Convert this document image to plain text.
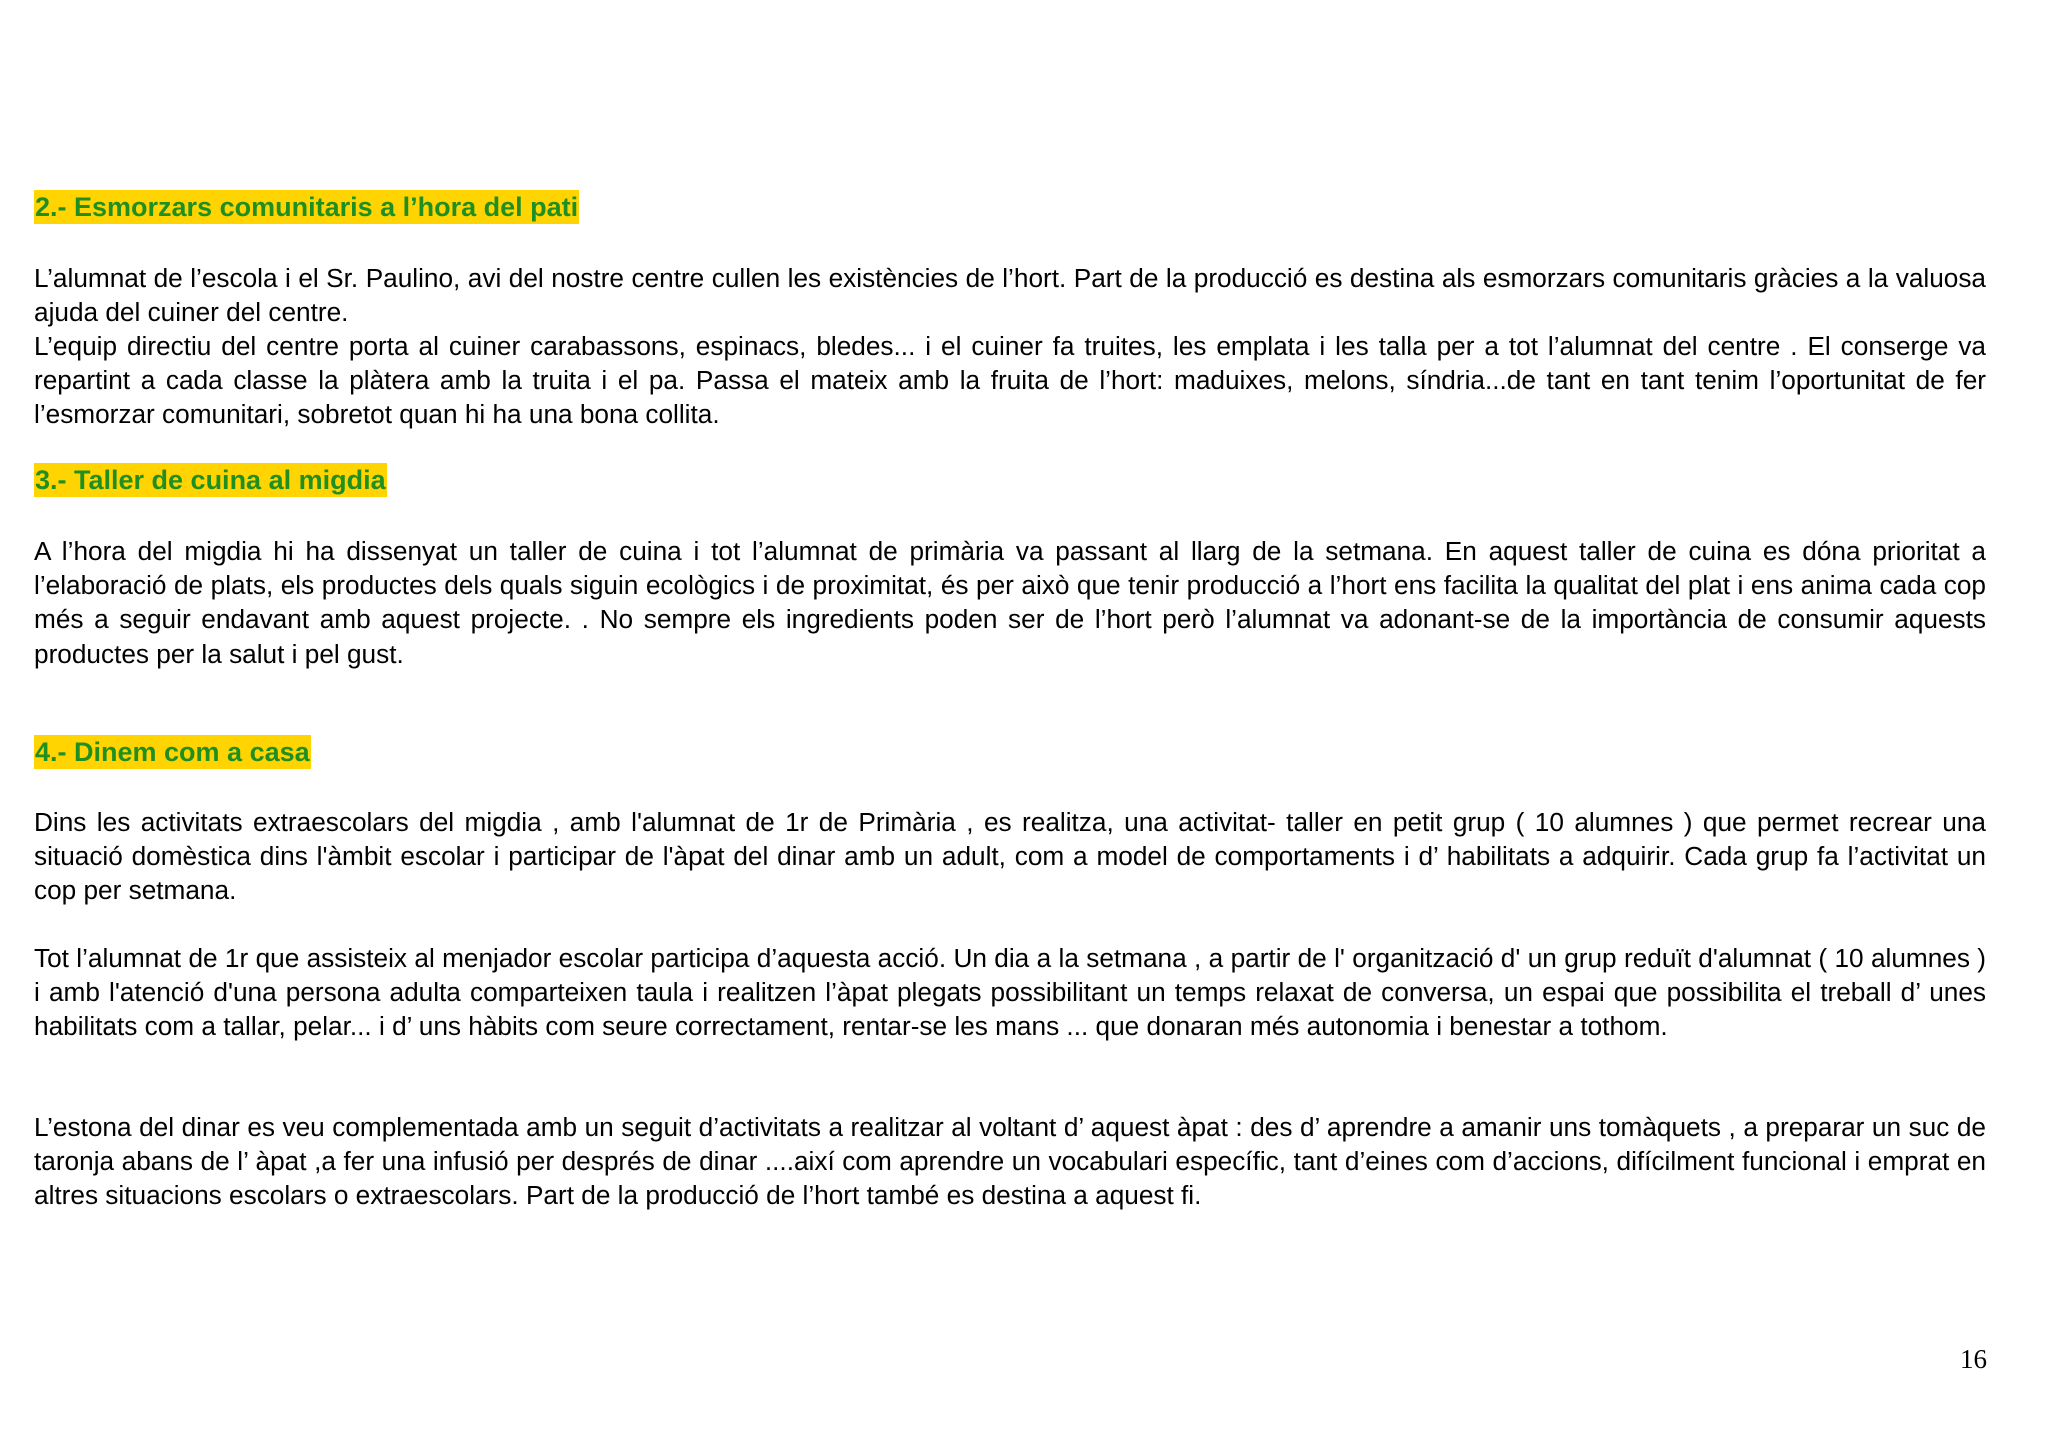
2.- Esmorzars comunitaris a l’hora del pati

L’alumnat de l’escola i el Sr. Paulino, avi del nostre centre cullen les existències de l’hort. Part de la producció es destina als esmorzars comunitaris gràcies a la valuosa ajuda del cuiner del centre.

L’equip directiu del centre porta al cuiner carabassons, espinacs, bledes... i el cuiner fa truites, les emplata i les talla per a tot l’alumnat del centre . El conserge va repartint a cada classe la plàtera amb la truita i el pa. Passa el mateix amb la fruita de l’hort: maduixes, melons, síndria...de tant en tant tenim l’oportunitat de fer l’esmorzar comunitari, sobretot quan hi ha una bona collita.

3.- Taller de cuina al migdia

A l’hora del migdia hi ha dissenyat un taller de cuina i tot l’alumnat de primària va passant al llarg de la setmana. En aquest taller de cuina es dóna prioritat a l’elaboració de plats, els productes dels quals siguin ecològics i de proximitat, és per això que tenir producció a l’hort ens facilita la qualitat del plat i ens anima cada cop més a seguir endavant amb aquest projecte. . No sempre els ingredients poden ser de l’hort però l’alumnat va adonant-se de la importància de consumir aquests productes per la salut i pel gust.

4.- Dinem com a casa

Dins les activitats extraescolars del migdia , amb l'alumnat de 1r de Primària , es realitza, una activitat- taller en petit grup ( 10 alumnes ) que permet recrear una situació domèstica dins l'àmbit escolar i participar de l'àpat del dinar amb un adult, com a model de comportaments i d’ habilitats a adquirir. Cada grup fa l’activitat un cop per setmana.

Tot l’alumnat de 1r que assisteix al menjador escolar participa d’aquesta acció. Un dia a la setmana , a partir de l' organització d' un grup reduït d'alumnat ( 10 alumnes ) i amb l'atenció d'una persona adulta comparteixen taula i realitzen l’àpat plegats possibilitant un temps relaxat de conversa, un espai que possibilita el treball d’ unes habilitats com a tallar, pelar... i d’ uns hàbits com seure correctament, rentar-se les mans ... que donaran més autonomia i benestar a tothom.

L’estona del dinar es veu complementada amb un seguit d’activitats a realitzar al voltant d’ aquest àpat : des d’ aprendre a amanir uns tomàquets , a preparar un suc de taronja abans de l’ àpat ,a fer una infusió per després de dinar ....així com aprendre un vocabulari específic, tant d’eines com d’accions, difícilment funcional i emprat en altres situacions escolars o extraescolars. Part de la producció de l’hort també es destina a aquest fi.

16
